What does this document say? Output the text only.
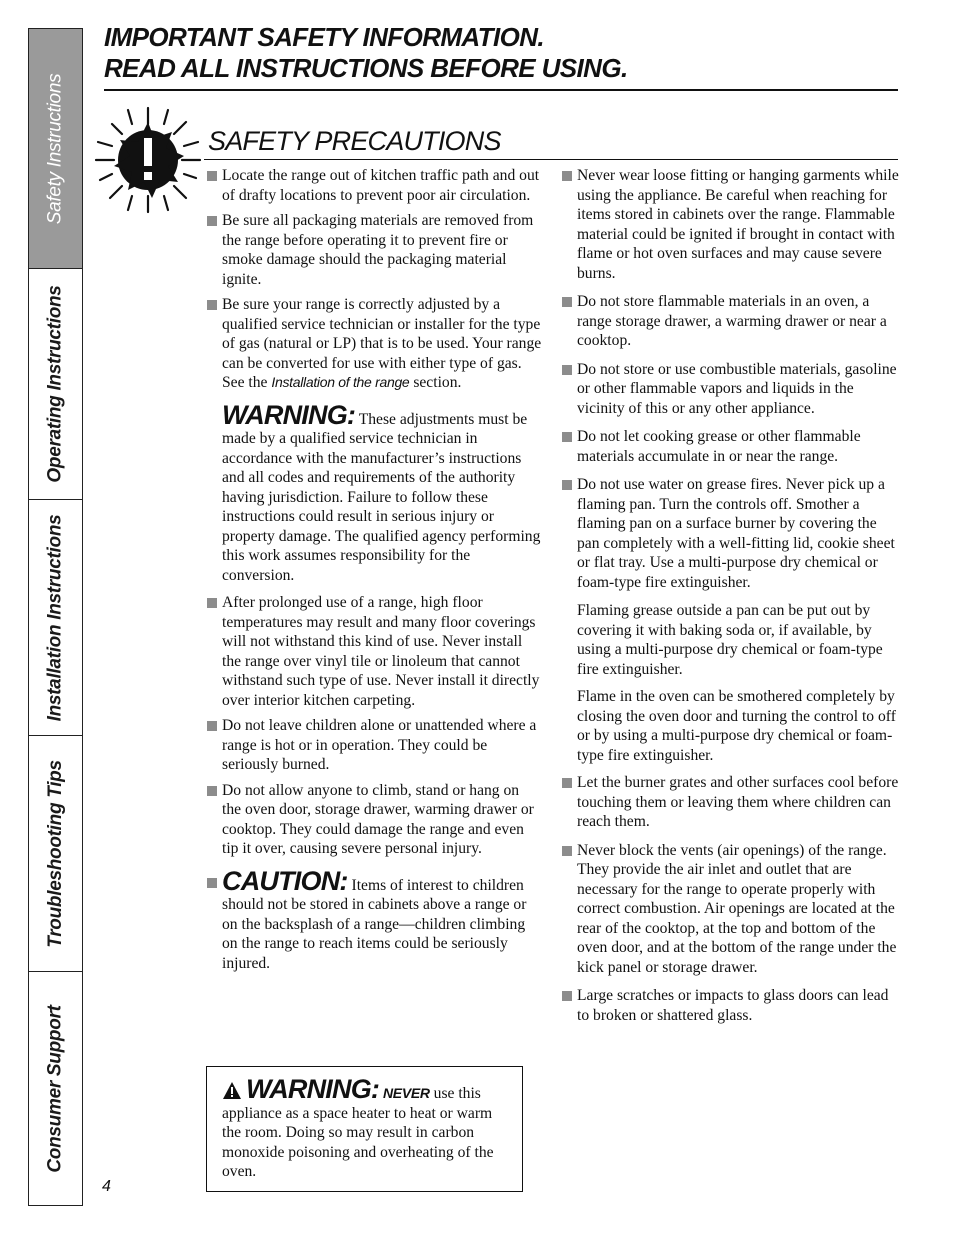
Safety Instructions
Operating Instructions
Installation Instructions
Troubleshooting Tips
Consumer Support
IMPORTANT SAFETY INFORMATION.
READ ALL INSTRUCTIONS BEFORE USING.
SAFETY PRECAUTIONS
Locate the range out of kitchen traffic path and out of drafty locations to prevent poor air circulation.
Be sure all packaging materials are removed from the range before operating it to prevent fire or smoke damage should the packaging material ignite.
Be sure your range is correctly adjusted by a qualified service technician or installer for the type of gas (natural or LP) that is to be used. Your range can be converted for use with either type of gas. See the Installation of the range section.
WARNING: These adjustments must be made by a qualified service technician in accordance with the manufacturer’s instructions and all codes and requirements of the authority having jurisdiction. Failure to follow these instructions could result in serious injury or property damage. The qualified agency performing this work assumes responsibility for the conversion.
After prolonged use of a range, high floor temperatures may result and many floor coverings will not withstand this kind of use. Never install the range over vinyl tile or linoleum that cannot withstand such type of use. Never install it directly over interior kitchen carpeting.
Do not leave children alone or unattended where a range is hot or in operation. They could be seriously burned.
Do not allow anyone to climb, stand or hang on the oven door, storage drawer, warming drawer or cooktop. They could damage the range and even tip it over, causing severe personal injury.
CAUTION: Items of interest to children should not be stored in cabinets above a range or on the backsplash of a range—children climbing on the range to reach items could be seriously injured.
WARNING: NEVER use this appliance as a space heater to heat or warm the room. Doing so may result in carbon monoxide poisoning and overheating of the oven.
Never wear loose fitting or hanging garments while using the appliance. Be careful when reaching for items stored in cabinets over the range. Flammable material could be ignited if brought in contact with flame or hot oven surfaces and may cause severe burns.
Do not store flammable materials in an oven, a range storage drawer, a warming drawer or near a cooktop.
Do not store or use combustible materials, gasoline or other flammable vapors and liquids in the vicinity of this or any other appliance.
Do not let cooking grease or other flammable materials accumulate in or near the range.
Do not use water on grease fires. Never pick up a flaming pan. Turn the controls off. Smother a flaming pan on a surface burner by covering the pan completely with a well-fitting lid, cookie sheet or flat tray. Use a multi-purpose dry chemical or foam-type fire extinguisher.
Flaming grease outside a pan can be put out by covering it with baking soda or, if available, by using a multi-purpose dry chemical or foam-type fire extinguisher.
Flame in the oven can be smothered completely by closing the oven door and turning the control to off or by using a multi-purpose dry chemical or foam-type fire extinguisher.
Let the burner grates and other surfaces cool before touching them or leaving them where children can reach them.
Never block the vents (air openings) of the range. They provide the air inlet and outlet that are necessary for the range to operate properly with correct combustion. Air openings are located at the rear of the cooktop, at the top and bottom of the oven door, and at the bottom of the range under the kick panel or storage drawer.
Large scratches or impacts to glass doors can lead to broken or shattered glass.
4
